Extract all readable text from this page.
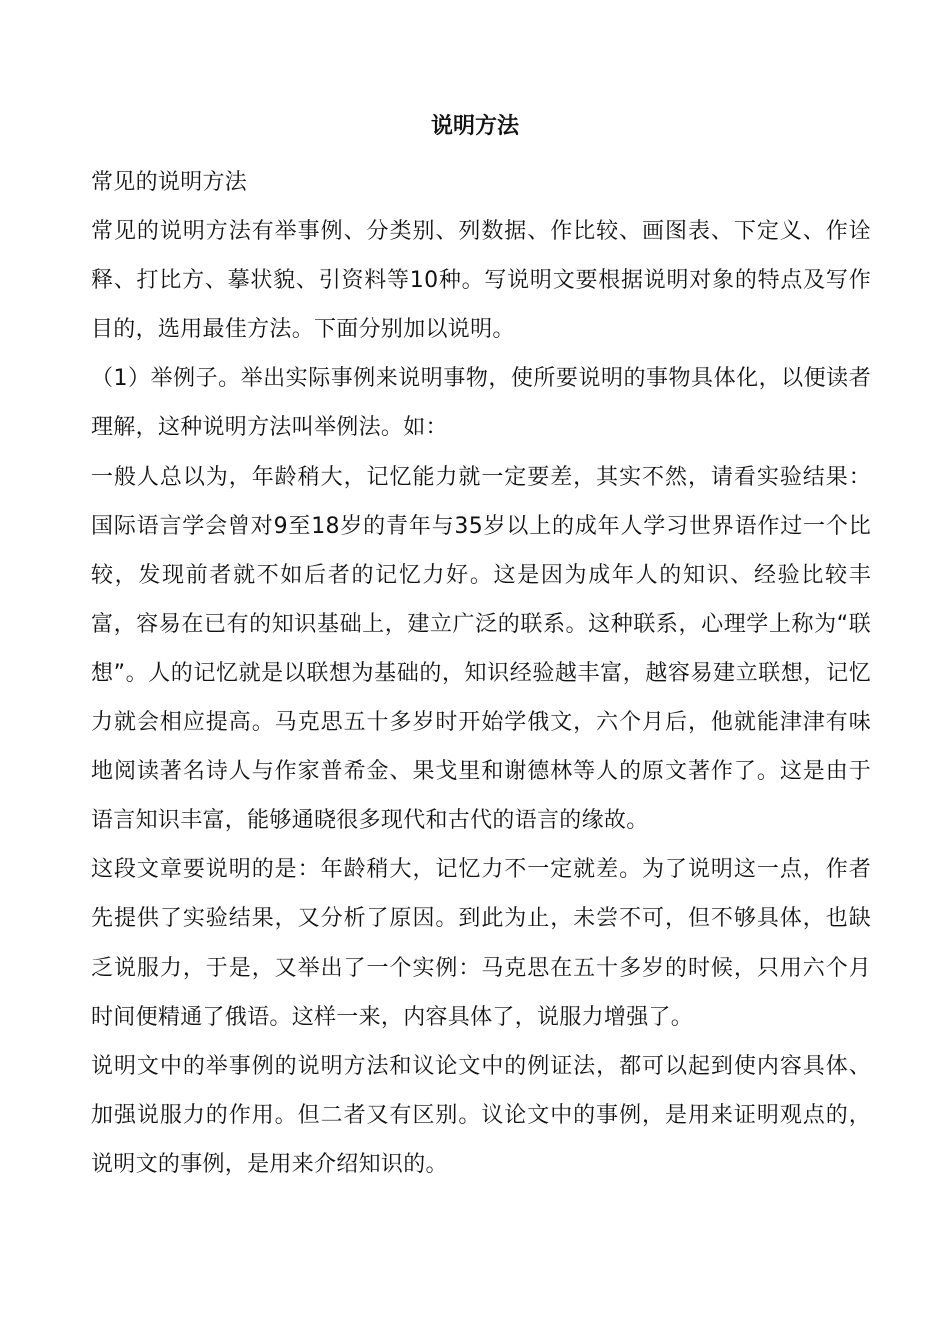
说明方法

常见的说明方法

常见的说明方法有举事例、分类别、列数据、作比较、画图表、下定义、作诠释、打比方、摹状貌、引资料等10种。写说明文要根据说明对象的特点及写作目的，选用最佳方法。下面分别加以说明。

（1）举例子。举出实际事例来说明事物，使所要说明的事物具体化，以便读者理解，这种说明方法叫举例法。如：

一般人总以为，年龄稍大，记忆能力就一定要差，其实不然，请看实验结果：国际语言学会曾对9至18岁的青年与35岁以上的成年人学习世界语作过一个比较，发现前者就不如后者的记忆力好。这是因为成年人的知识、经验比较丰富，容易在已有的知识基础上，建立广泛的联系。这种联系，心理学上称为“联想”。人的记忆就是以联想为基础的，知识经验越丰富，越容易建立联想，记忆力就会相应提高。马克思五十多岁时开始学俄文，六个月后，他就能津津有味地阅读著名诗人与作家普希金、果戈里和谢德林等人的原文著作了。这是由于语言知识丰富，能够通晓很多现代和古代的语言的缘故。

这段文章要说明的是：年龄稍大，记忆力不一定就差。为了说明这一点，作者先提供了实验结果，又分析了原因。到此为止，未尝不可，但不够具体，也缺乏说服力，于是，又举出了一个实例：马克思在五十多岁的时候，只用六个月时间便精通了俄语。这样一来，内容具体了，说服力增强了。

说明文中的举事例的说明方法和议论文中的例证法，都可以起到使内容具体、加强说服力的作用。但二者又有区别。议论文中的事例，是用来证明观点的，说明文的事例，是用来介绍知识的。
